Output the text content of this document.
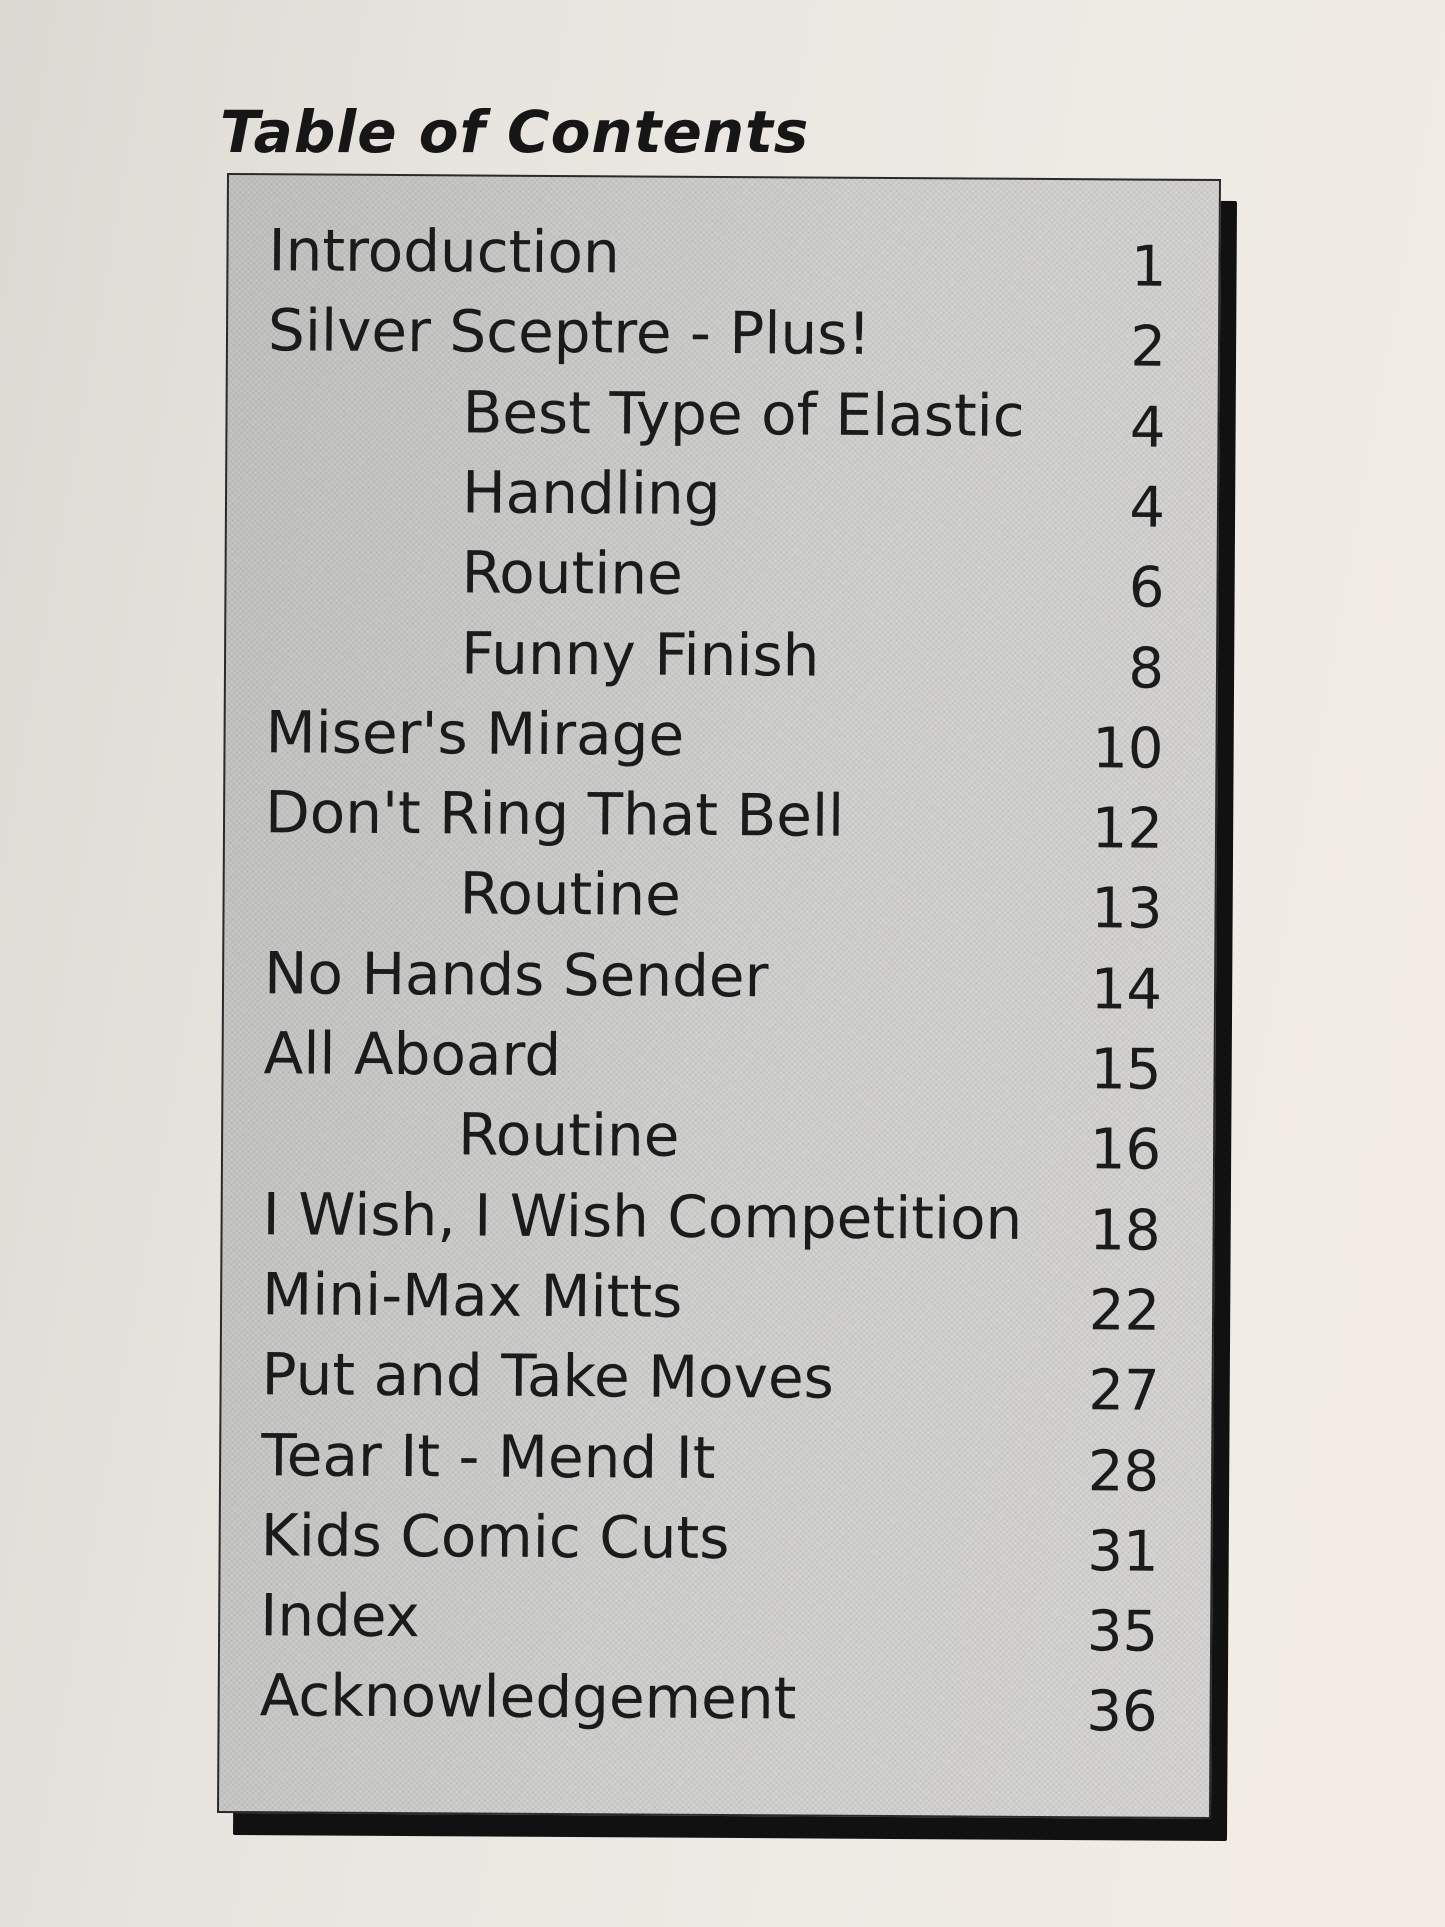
Table of Contents
Introduction	1
Silver Sceptre - Plus!	2
Best Type of Elastic 4
Handling	4
Routine	6
Funny Finish	8
Miser's Mirage	10
Don't Ring That Bell	12
Routine	13
No Hands Sender	14
All Aboard	15
Routine	16
I Wish, I Wish Competition 18
Mini-Max Mitts	22
Put and Take Moves	27
Tear It - Mend It	28
Kids Comic Cuts	31
Index	35
Acknowledgement	36
